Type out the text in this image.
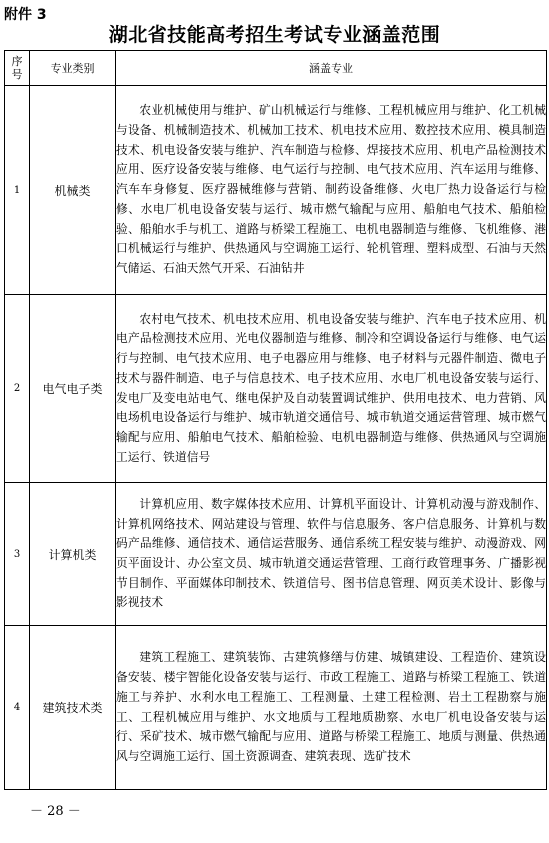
附件 3
湖北省技能高考招生考试专业涵盖范围
序
号	专业类别	涵盖专业
1	机械类	农业机械使用与维护、矿山机械运行与维修、工程机械应用与维护、化工机械与设备、机械制造技术、机械加工技术、机电技术应用、数控技术应用、模具制造技术、机电设备安装与维护、汽车制造与检修、焊接技术应用、机电产品检测技术应用、医疗设备安装与维修、电气运行与控制、电气技术应用、汽车运用与维修、汽车车身修复、医疗器械维修与营销、制药设备维修、火电厂热力设备运行与检修、水电厂机电设备安装与运行、城市燃气输配与应用、船舶电气技术、船舶检验、船舶水手与机工、道路与桥梁工程施工、电机电器制造与维修、飞机维修、港口机械运行与维护、供热通风与空调施工运行、轮机管理、塑料成型、石油与天然气储运、石油天然气开采、石油钻井
2	电气电子类	农村电气技术、机电技术应用、机电设备安装与维护、汽车电子技术应用、机电产品检测技术应用、光电仪器制造与维修、制冷和空调设备运行与维修、电气运行与控制、电气技术应用、电子电器应用与维修、电子材料与元器件制造、微电子技术与器件制造、电子与信息技术、电子技术应用、水电厂机电设备安装与运行、发电厂及变电站电气、继电保护及自动装置调试维护、供用电技术、电力营销、风电场机电设备运行与维护、城市轨道交通信号、城市轨道交通运营管理、城市燃气输配与应用、船舶电气技术、船舶检验、电机电器制造与维修、供热通风与空调施工运行、铁道信号
3	计算机类	计算机应用、数字媒体技术应用、计算机平面设计、计算机动漫与游戏制作、计算机网络技术、网站建设与管理、软件与信息服务、客户信息服务、计算机与数码产品维修、通信技术、通信运营服务、通信系统工程安装与维护、动漫游戏、网页平面设计、办公室文员、城市轨道交通运营管理、工商行政管理事务、广播影视节目制作、平面媒体印制技术、铁道信号、图书信息管理、网页美术设计、影像与影视技术
4	建筑技术类	建筑工程施工、建筑装饰、古建筑修缮与仿建、城镇建设、工程造价、建筑设备安装、楼宇智能化设备安装与运行、市政工程施工、道路与桥梁工程施工、铁道施工与养护、水利水电工程施工、工程测量、土建工程检测、岩土工程勘察与施工、工程机械应用与维护、水文地质与工程地质勘察、水电厂机电设备安装与运行、采矿技术、城市燃气输配与应用、道路与桥梁工程施工、地质与测量、供热通风与空调施工运行、国土资源调查、建筑表现、选矿技术
－ 28 －
